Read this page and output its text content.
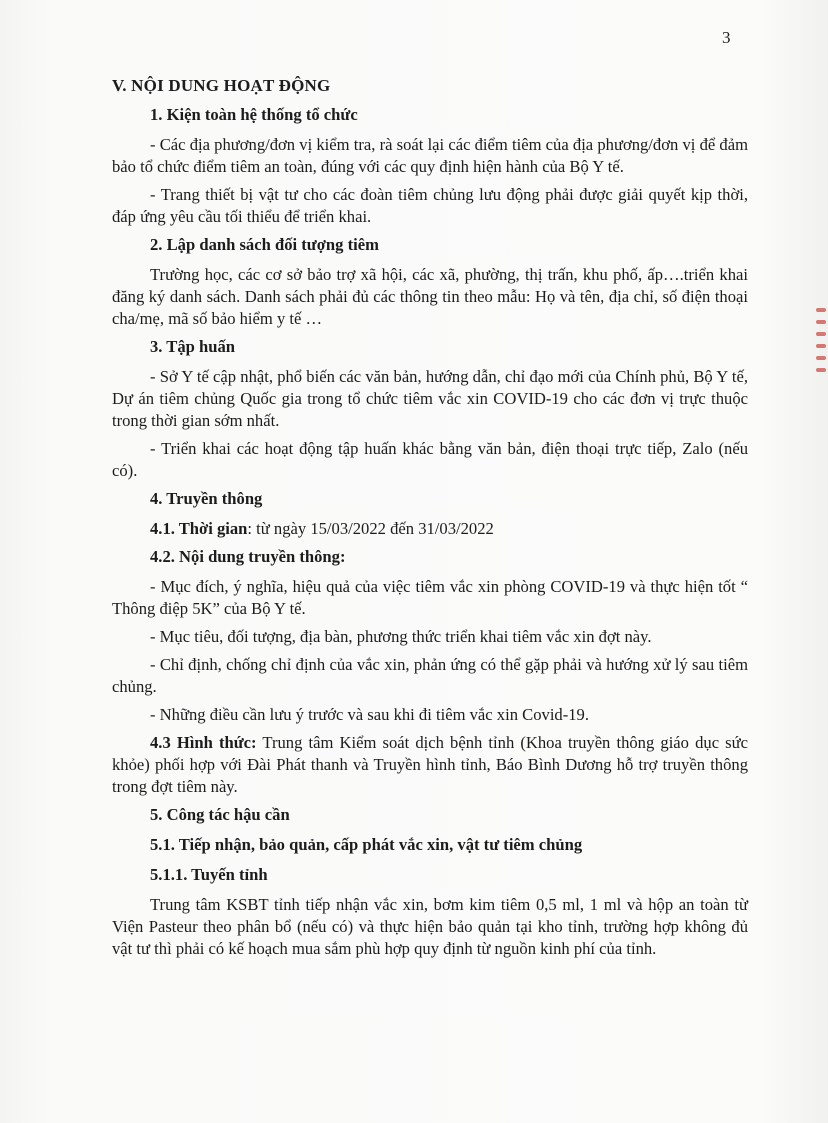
3
V. NỘI DUNG HOẠT ĐỘNG
1. Kiện toàn hệ thống tổ chức
- Các địa phương/đơn vị kiểm tra, rà soát lại các điểm tiêm của địa phương/đơn vị để đảm bảo tổ chức điểm tiêm an toàn, đúng với các quy định hiện hành của Bộ Y tế.
- Trang thiết bị vật tư cho các đoàn tiêm chủng lưu động phải được giải quyết kịp thời, đáp ứng yêu cầu tối thiểu để triển khai.
2. Lập danh sách đối tượng tiêm
Trường học, các cơ sở bảo trợ xã hội, các xã, phường, thị trấn, khu phố, ấp….triển khai đăng ký danh sách. Danh sách phải đủ các thông tin theo mẫu: Họ và tên, địa chỉ, số điện thoại cha/mẹ, mã số bảo hiểm y tế …
3. Tập huấn
- Sở Y tế cập nhật, phổ biến các văn bản, hướng dẫn, chỉ đạo mới của Chính phủ, Bộ Y tế, Dự án tiêm chủng Quốc gia trong tổ chức tiêm vắc xin COVID-19 cho các đơn vị trực thuộc trong thời gian sớm nhất.
- Triển khai các hoạt động tập huấn khác bằng văn bản, điện thoại trực tiếp, Zalo (nếu có).
4. Truyền thông
4.1. Thời gian: từ ngày 15/03/2022 đến 31/03/2022
4.2. Nội dung truyền thông:
- Mục đích, ý nghĩa, hiệu quả của việc tiêm vắc xin phòng COVID-19 và thực hiện tốt “ Thông điệp 5K” của Bộ Y tế.
- Mục tiêu, đối tượng, địa bàn, phương thức triển khai tiêm vắc xin đợt này.
- Chỉ định, chống chỉ định của vắc xin, phản ứng có thể gặp phải và hướng xử lý sau tiêm chủng.
- Những điều cần lưu ý trước và sau khi đi tiêm vắc xin Covid-19.
4.3 Hình thức: Trung tâm Kiểm soát dịch bệnh tỉnh (Khoa truyền thông giáo dục sức khỏe) phối hợp với Đài Phát thanh và Truyền hình tỉnh, Báo Bình Dương hỗ trợ truyền thông trong đợt tiêm này.
5. Công tác hậu cần
5.1. Tiếp nhận, bảo quản, cấp phát vắc xin, vật tư tiêm chủng
5.1.1. Tuyến tỉnh
Trung tâm KSBT tỉnh tiếp nhận vắc xin, bơm kim tiêm 0,5 ml, 1 ml và hộp an toàn từ Viện Pasteur theo phân bổ (nếu có) và thực hiện bảo quản tại kho tỉnh, trường hợp không đủ vật tư thì phải có kế hoạch mua sắm phù hợp quy định từ nguồn kinh phí của tỉnh.
